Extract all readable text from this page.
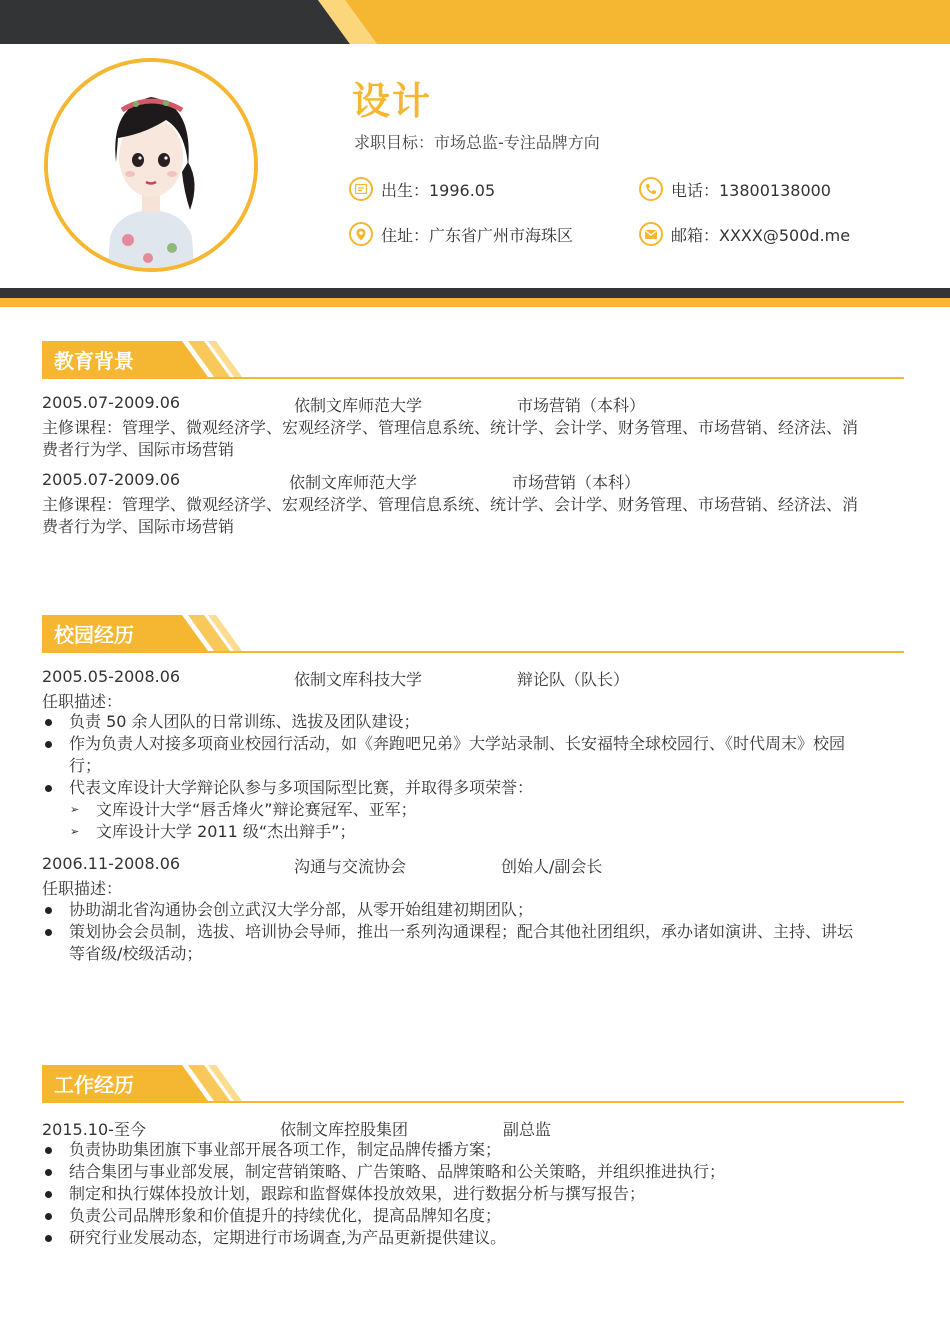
设计
求职目标：市场总监-专注品牌方向
出生：1996.05	电话：13800138000
住址：广东省广州市海珠区	邮箱：XXXX@500d.me
教育背景
2005.07-2009.06	依制文库师范大学	市场营销（本科）
主修课程：管理学、微观经济学、宏观经济学、管理信息系统、统计学、会计学、财务管理、市场营销、经济法、消
费者行为学、国际市场营销
2005.07-2009.06	依制文库师范大学	市场营销（本科）
主修课程：管理学、微观经济学、宏观经济学、管理信息系统、统计学、会计学、财务管理、市场营销、经济法、消
费者行为学、国际市场营销
校园经历
2005.05-2008.06	依制文库科技大学	辩论队（队长）
任职描述：
负责 50 余人团队的日常训练、选拔及团队建设；
作为负责人对接多项商业校园行活动，如《奔跑吧兄弟》大学站录制、长安福特全球校园行、《时代周末》校园
行；
代表文库设计大学辩论队参与多项国际型比赛，并取得多项荣誉：
➢ 文库设计大学“唇舌烽火”辩论赛冠军、亚军；
➢ 文库设计大学 2011 级“杰出辩手”；
2006.11-2008.06	沟通与交流协会	创始人/副会长
任职描述：
协助湖北省沟通协会创立武汉大学分部，从零开始组建初期团队；
策划协会会员制，选拔、培训协会导师，推出一系列沟通课程；配合其他社团组织，承办诸如演讲、主持、讲坛
等省级/校级活动；
工作经历
2015.10-至今	依制文库控股集团	副总监
负责协助集团旗下事业部开展各项工作，制定品牌传播方案；
结合集团与事业部发展，制定营销策略、广告策略、品牌策略和公关策略，并组织推进执行；
制定和执行媒体投放计划，跟踪和监督媒体投放效果，进行数据分析与撰写报告；
负责公司品牌形象和价值提升的持续优化，提高品牌知名度；
研究行业发展动态，定期进行市场调查,为产品更新提供建议。
